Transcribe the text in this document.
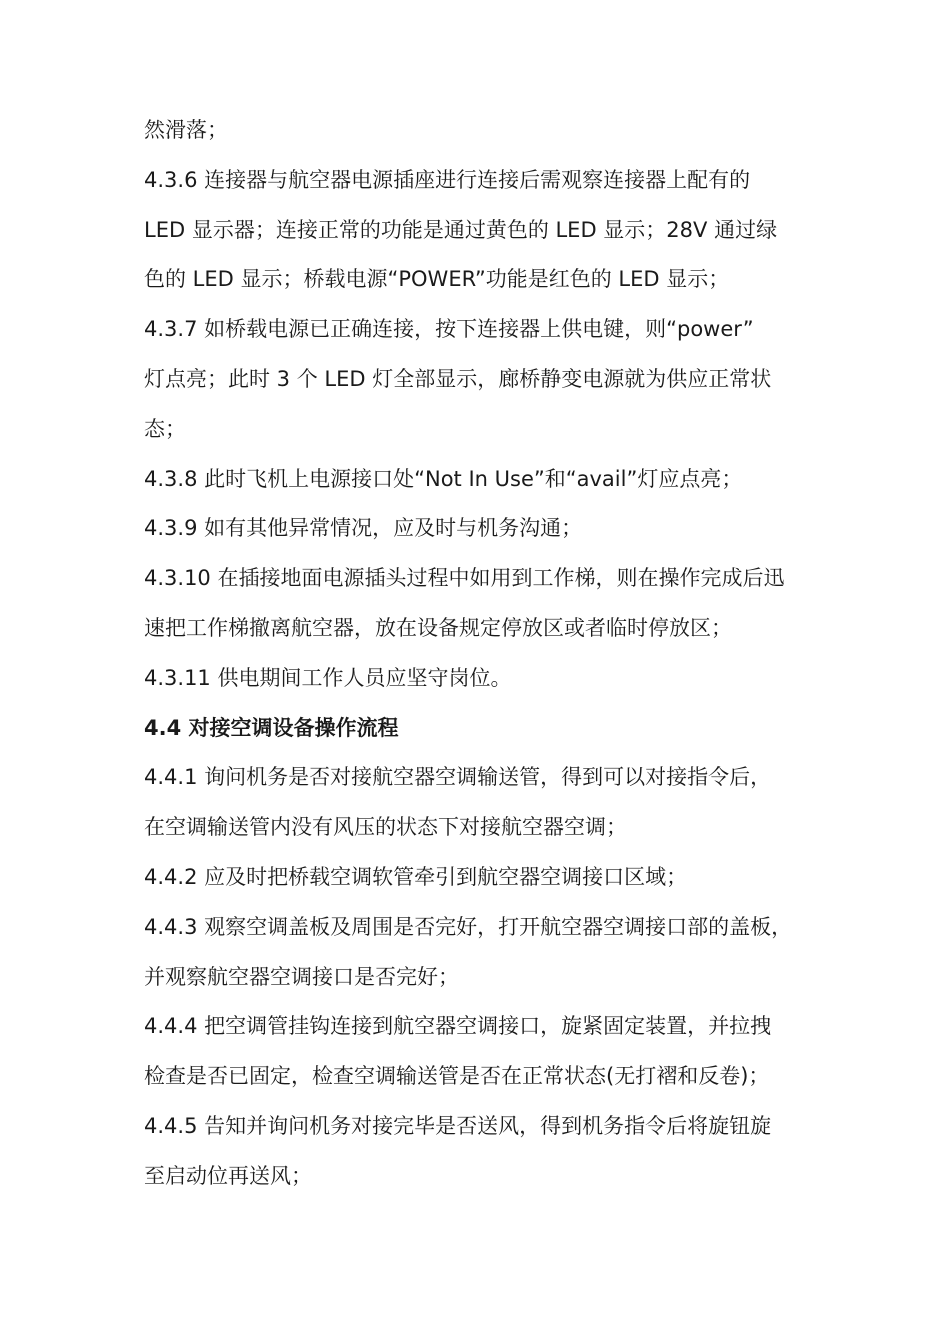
然滑落；
4.3.6 连接器与航空器电源插座进行连接后需观察连接器上配有的
LED 显示器；连接正常的功能是通过黄色的 LED 显示；28V 通过绿
色的 LED 显示；桥载电源“POWER”功能是红色的 LED 显示；
4.3.7 如桥载电源已正确连接，按下连接器上供电键，则“power”
灯点亮；此时 3 个 LED 灯全部显示，廊桥静变电源就为供应正常状
态；
4.3.8 此时飞机上电源接口处“Not In Use”和“avail”灯应点亮；
4.3.9 如有其他异常情况，应及时与机务沟通；
4.3.10 在插接地面电源插头过程中如用到工作梯，则在操作完成后迅
速把工作梯撤离航空器，放在设备规定停放区或者临时停放区；
4.3.11 供电期间工作人员应坚守岗位。
4.4 对接空调设备操作流程
4.4.1 询问机务是否对接航空器空调输送管，得到可以对接指令后，
在空调输送管内没有风压的状态下对接航空器空调；
4.4.2 应及时把桥载空调软管牵引到航空器空调接口区域；
4.4.3 观察空调盖板及周围是否完好，打开航空器空调接口部的盖板，
并观察航空器空调接口是否完好；
4.4.4 把空调管挂钩连接到航空器空调接口，旋紧固定装置，并拉拽
检查是否已固定，检查空调输送管是否在正常状态(无打褶和反卷)；
4.4.5 告知并询问机务对接完毕是否送风，得到机务指令后将旋钮旋
至启动位再送风；
